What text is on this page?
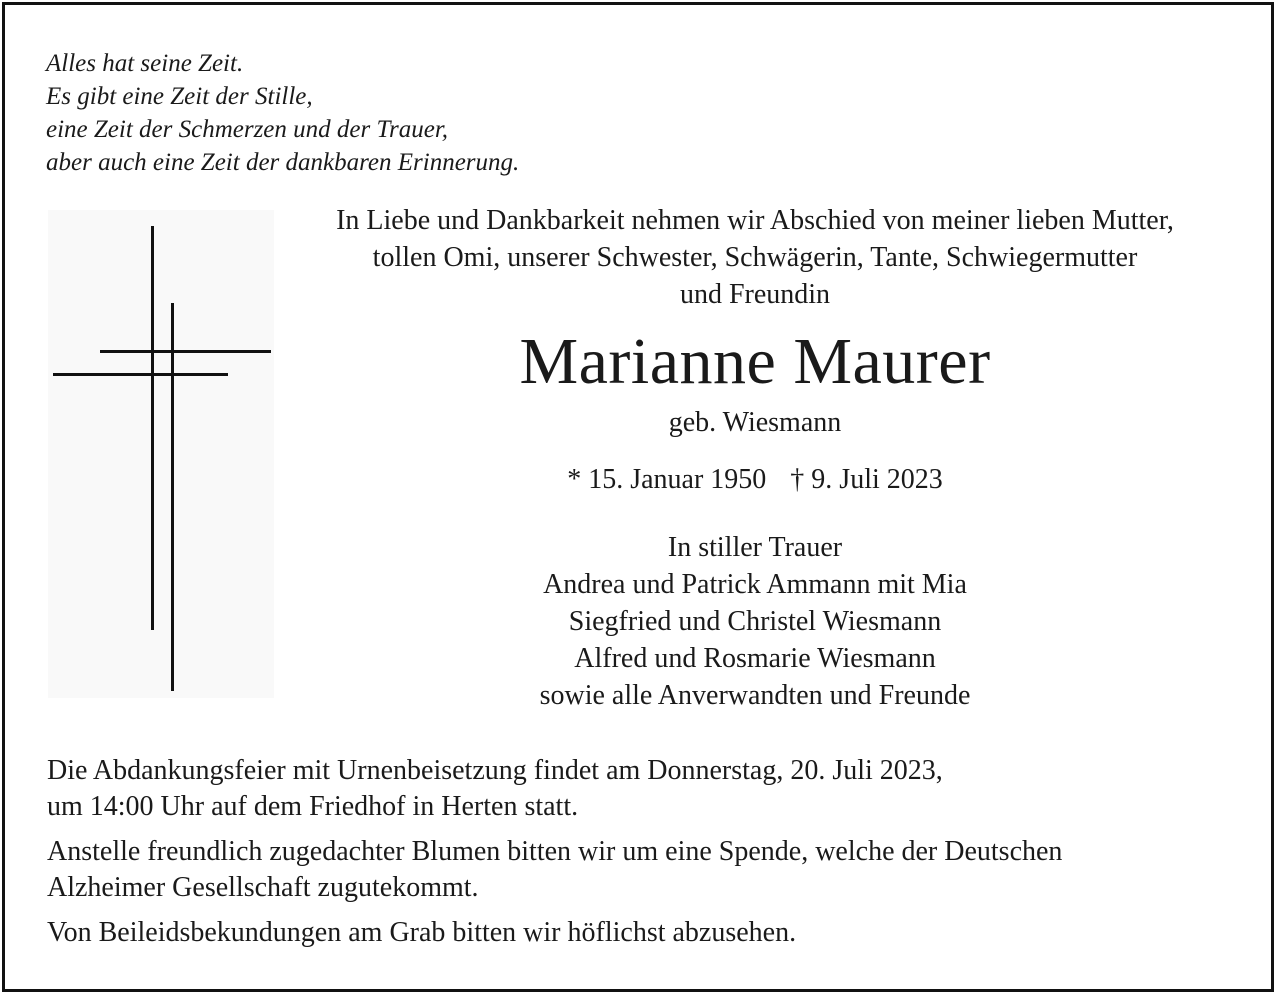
Alles hat seine Zeit.
Es gibt eine Zeit der Stille,
eine Zeit der Schmerzen und der Trauer,
aber auch eine Zeit der dankbaren Erinnerung.
In Liebe und Dankbarkeit nehmen wir Abschied von meiner lieben Mutter,
tollen Omi, unserer Schwester, Schwägerin, Tante, Schwiegermutter
und Freundin
Marianne Maurer
geb. Wiesmann
* 15. Januar 1950 † 9. Juli 2023
In stiller Trauer
Andrea und Patrick Ammann mit Mia
Siegfried und Christel Wiesmann
Alfred und Rosmarie Wiesmann
sowie alle Anverwandten und Freunde

Die Abdankungsfeier mit Urnenbeisetzung findet am Donnerstag, 20. Juli 2023,
um 14:00 Uhr auf dem Friedhof in Herten statt.

Anstelle freundlich zugedachter Blumen bitten wir um eine Spende, welche der Deutschen
Alzheimer Gesellschaft zugutekommt.

Von Beileidsbekundungen am Grab bitten wir höflichst abzusehen.
